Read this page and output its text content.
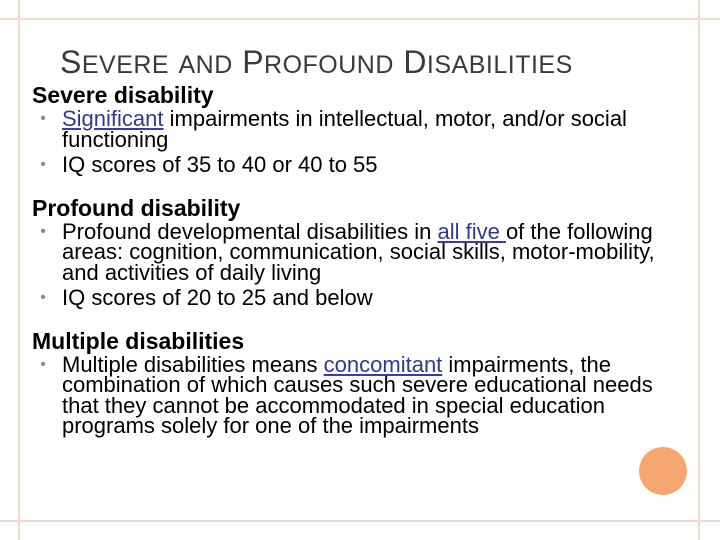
SEVERE AND PROFOUND DISABILITIES

Severe disability

• Significant impairments in intellectual, motor, and/or social functioning

• IQ scores of 35 to 40 or 40 to 55

Profound disability

• Profound developmental disabilities in all five of the following areas: cognition, communication, social skills, motor-mobility, and activities of daily living

• IQ scores of 20 to 25 and below

Multiple disabilities

• Multiple disabilities means concomitant impairments, the combination of which causes such severe educational needs that they cannot be accommodated in special education programs solely for one of the impairments
